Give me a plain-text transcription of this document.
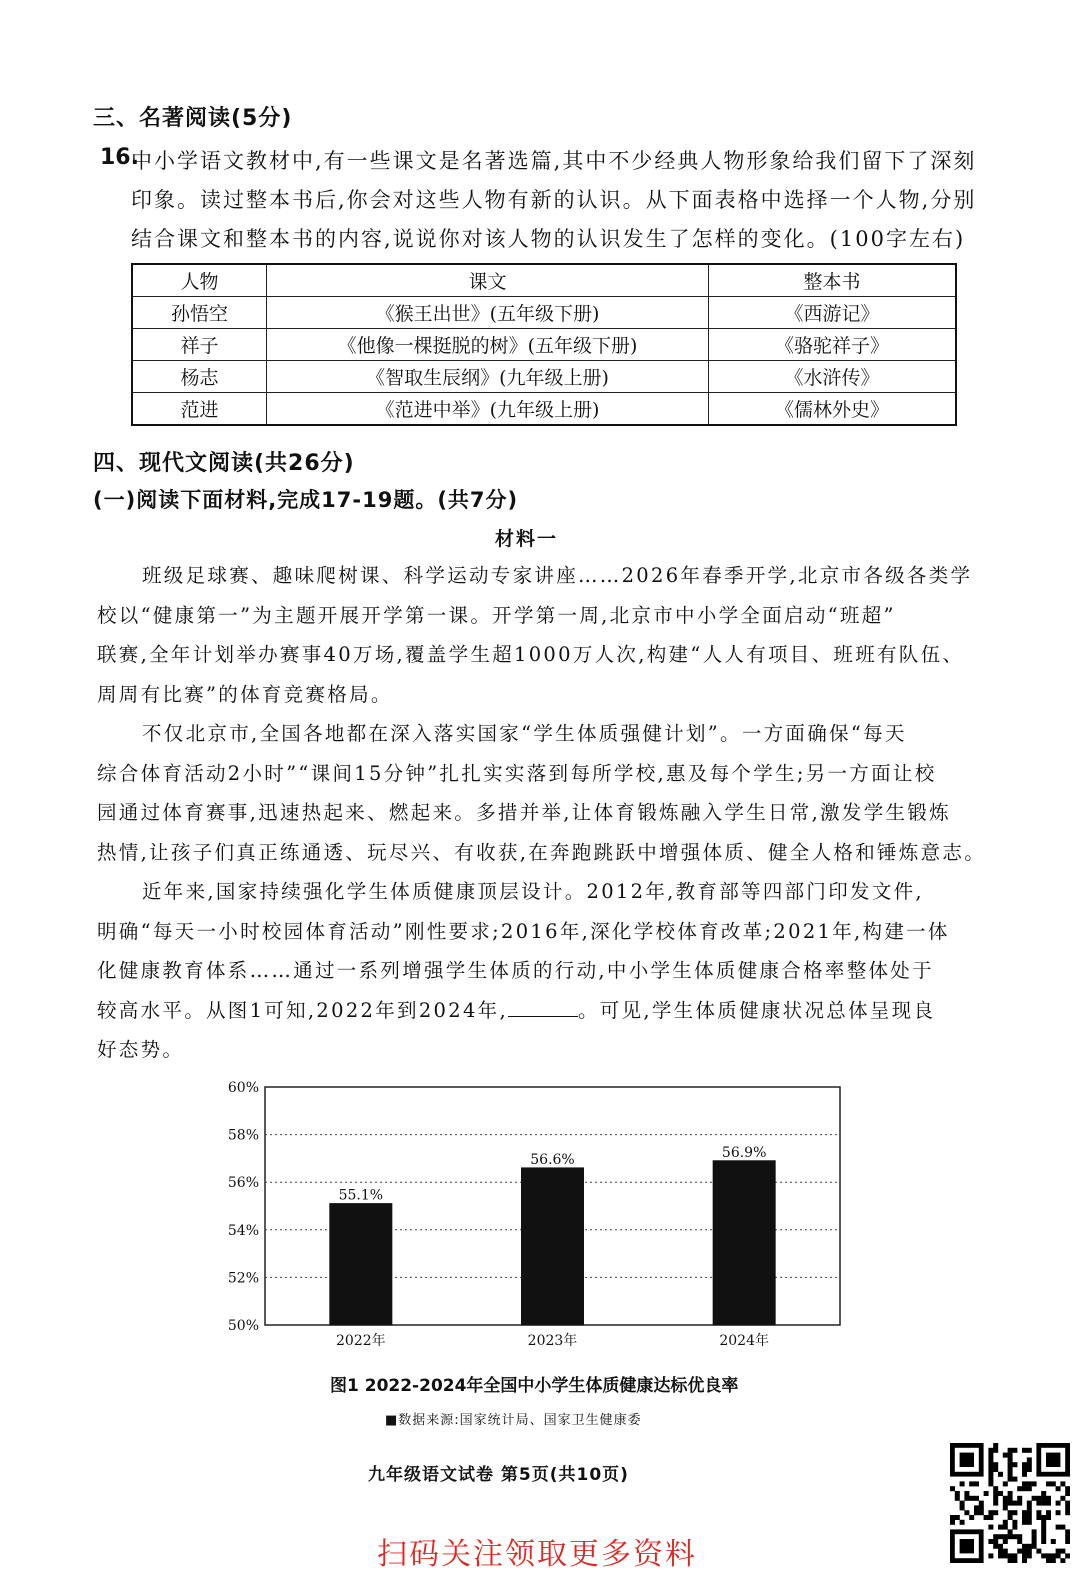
三、名著阅读(5分)
16.
中小学语文教材中,有一些课文是名著选篇,其中不少经典人物形象给我们留下了深刻
印象。读过整本书后,你会对这些人物有新的认识。从下面表格中选择一个人物,分别
结合课文和整本书的内容,说说你对该人物的认识发生了怎样的变化。(100字左右)
人物	课文	整本书
孙悟空	《猴王出世》(五年级下册)	《西游记》
祥子	《他像一棵挺脱的树》(五年级下册)	《骆驼祥子》
杨志	《智取生辰纲》(九年级上册)	《水浒传》
范进	《范进中举》(九年级上册)	《儒林外史》
四、现代文阅读(共26分)
(一)阅读下面材料,完成17-19题。(共7分)
材料一
班级足球赛、趣味爬树课、科学运动专家讲座……2026年春季开学,北京市各级各类学
校以“健康第一”为主题开展开学第一课。开学第一周,北京市中小学全面启动“班超”
联赛,全年计划举办赛事40万场,覆盖学生超1000万人次,构建“人人有项目、班班有队伍、
周周有比赛”的体育竞赛格局。
不仅北京市,全国各地都在深入落实国家“学生体质强健计划”。一方面确保“每天
综合体育活动2小时”“课间15分钟”扎扎实实落到每所学校,惠及每个学生;另一方面让校
园通过体育赛事,迅速热起来、燃起来。多措并举,让体育锻炼融入学生日常,激发学生锻炼
热情,让孩子们真正练通透、玩尽兴、有收获,在奔跑跳跃中增强体质、健全人格和锤炼意志。
近年来,国家持续强化学生体质健康顶层设计。2012年,教育部等四部门印发文件,
明确“每天一小时校园体育活动”刚性要求;2016年,深化学校体育改革;2021年,构建一体
化健康教育体系……通过一系列增强学生体质的行动,中小学生体质健康合格率整体处于
较高水平。从图1可知,2022年到2024年,	。可见,学生体质健康状况总体呈现良
好态势。
50%
52%
54%
56%
58%
60%
55.1%
2022年
56.6%
2023年
56.9%
2024年
图1 2022-2024年全国中小学生体质健康达标优良率
■数据来源:国家统计局、国家卫生健康委
九年级语文试卷 第5页(共10页)
扫码关注领取更多资料
